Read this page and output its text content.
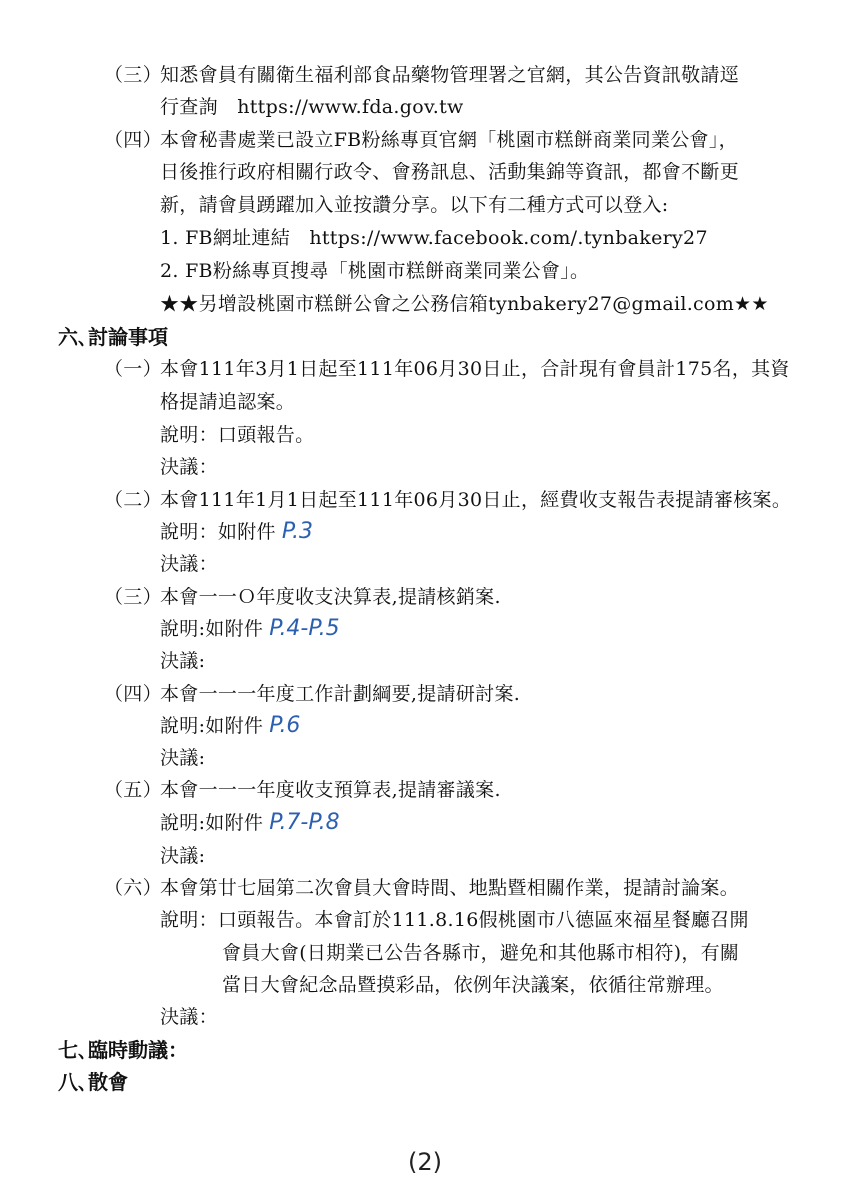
（三）
知悉會員有關衛生福利部食品藥物管理署之官網，其公告資訊敬請逕
行查詢　https://www.fda.gov.tw
（四）
本會秘書處業已設立FB粉絲專頁官網「桃園市糕餅商業同業公會」，
日後推行政府相關行政令、會務訊息、活動集錦等資訊，都會不斷更
新，請會員踴躍加入並按讚分享。以下有二種方式可以登入:
1. FB網址連結　https://www.facebook.com/.tynbakery27
2. FB粉絲專頁搜尋「桃園市糕餅商業同業公會」。
★★另增設桃園市糕餅公會之公務信箱tynbakery27@gmail.com★★
六､討論事項
（一）
本會111年3月1日起至111年06月30日止，合計現有會員計175名，其資
格提請追認案。
說明：口頭報告。
決議：
（二）
本會111年1月1日起至111年06月30日止，經費收支報告表提請審核案。
說明：如附件 P.3
決議：
（三）
本會一一Ｏ年度收支決算表,提請核銷案.
說明:如附件 P.4-P.5
決議:
（四）
本會一一一年度工作計劃綱要,提請研討案.
說明:如附件 P.6
決議:
（五）
本會一一一年度收支預算表,提請審議案.
說明:如附件 P.7-P.8
決議:
（六）
本會第廿七屆第二次會員大會時間、地點暨相關作業，提請討論案。
說明：口頭報告。本會訂於111.8.16假桃園市八德區來福星餐廳召開
會員大會(日期業已公告各縣市，避免和其他縣市相符)，有關
當日大會紀念品暨摸彩品，依例年決議案，依循往常辦理。
決議：
七､臨時動議：
八､散會
(2)
